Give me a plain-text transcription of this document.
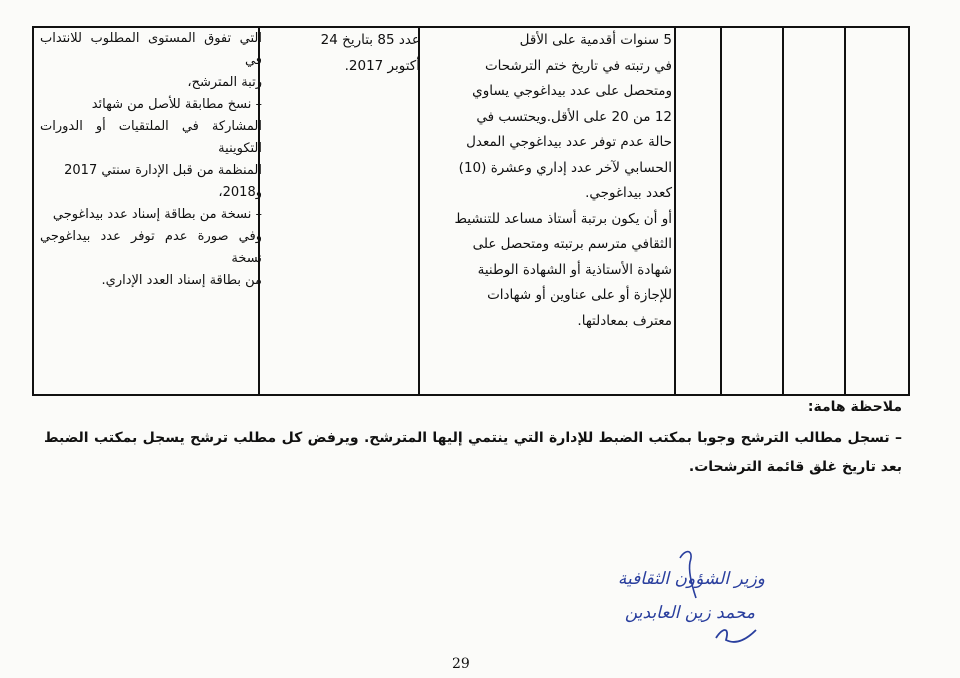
5 سنوات أقدمية على الأقل

في رتبته في تاريخ ختم الترشحات

ومتحصل على عدد بيداغوجي يساوي

12 من 20 على الأقل.ويحتسب في

حالة عدم توفر عدد بيداغوجي المعدل

الحسابي لآخر عدد إداري وعشرة (10)

كعدد بيداغوجي.

أو أن يكون برتبة أستاذ مساعد للتنشيط

الثقافي مترسم برتبته ومتحصل على

شهادة الأستاذية أو الشهادة الوطنية

للإجازة أو على عناوين أو شهادات

معترف بمعادلتها.

عدد 85 بتاريخ 24

أكتوبر 2017.

التي تفوق المستوى المطلوب للانتداب في

رتبة المترشح،

– نسخ مطابقة للأصل من شهائد

المشاركة في الملتقيات أو الدورات التكوينية

المنظمة من قبل الإدارة سنتي 2017

و2018،

– نسخة من بطاقة إسناد عدد بيداغوجي

وفي صورة عدم توفر عدد بيداغوجي نسخة

من بطاقة إسناد العدد الإداري.

ملاحظة هامة:
– تسجل مطالب الترشح وجوبا بمكتب الضبط للإدارة التي ينتمي إليها المترشح. ويرفض كل مطلب ترشح يسجل بمكتب الضبط بعد تاريخ غلق قائمة الترشحات.
وزير الشؤون الثقافية
محمد زين العابدين
29
